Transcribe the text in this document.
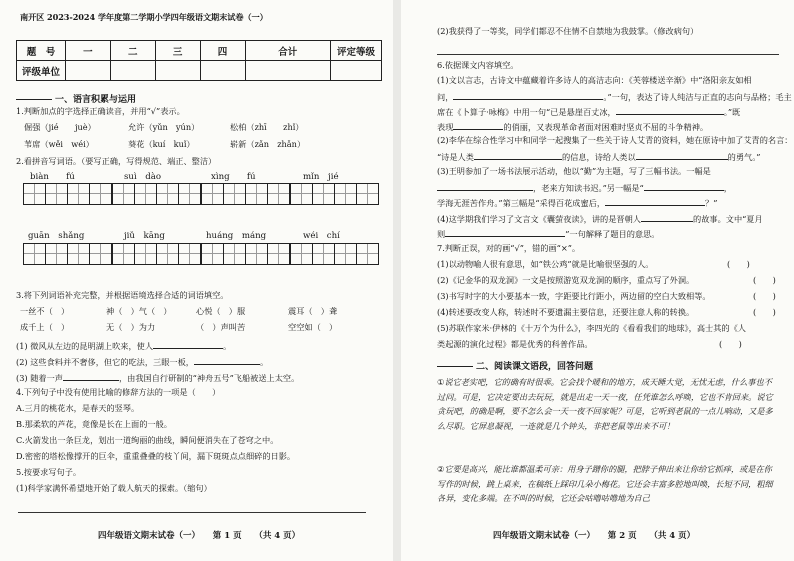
南开区 2023-2024 学年度第二学期小学四年级语文期末试卷（一）
题　号	一	二	三	四	合计	评定等级
评级单位						
一、语言积累与运用
1.判断加点的字选择正确读音，并用“√”表示。
倔强（jié　　juè）	允许（yǔn　yún）	松柏（zhī　　zhǐ）
苇席（wěi　wéi）	葵花（kuí　kuǐ）	崭新（zǎn　zhǎn）
2.看拼音写词语。（要写正确，写得规范、端正、整洁）
biàn　　fú	suì　dào	xìng　　fú	mǐn　jié
guān　shǎng	jiǔ　kāng	huáng　máng	wéi　chí
3.将下列词语补充完整，并根据语境选择合适的词语填空。
一丝不（　）	神（　）气（　）	心悦（　）服	震耳（　）聋
成千上（　）	无（　）为力	（　）声叫苦	空空如（　）
(1) 微风从左边的昆明湖上吹来，使人	。
(2) 这些食料并不奢侈，但它的吃法，三眼一板，	。
(3) 随着一声	，由我国自行研制的“神舟五号”飞船被送上太空。
4.下列句子中没有使用比喻的修辞方法的一项是（　　）
A.三月的桃花水，是春天的竖琴。
B.那柔软的芦花，竟像是长在上面的一般。
C.火箭发出一条巨龙，划出一道绚丽的曲线，瞬间便消失在了苍穹之中。
D.密密的塔松像撑开的巨伞，重重叠叠的枝丫间，漏下斑斑点点细碎的日影。
5.按要求写句子。
(1)科学家满怀希望地开始了载人航天的探索。（缩句）
四年级语文期末试卷（一）　　第 1 页　　（共 4 页）
(2)我获得了一等奖，同学们都忍不住情不自禁地为我鼓掌。（修改病句）
6.依据课文内容填空。
(1)文以言志，古诗文中蕴藏着许多诗人的高洁志向：《芙蓉楼送辛渐》中“洛阳亲友如相
问，	。”一句，表达了诗人纯洁与正直的志向与品格；毛主
席在《卜算子·咏梅》中用一句“已是悬崖百丈冰，	。”既
表现	的俏丽，又表现革命者面对困难时坚贞不屈的斗争精神。
(2)李华在综合性学习中和同学一起搜集了一些关于诗人艾青的资料，她在原诗中加了艾青的名言：
“诗是人类	的信息，诗给人类以	的勇气。”
(3)王明参加了一场书法展示活动，他以“勤”为主题，写了三幅书法。一幅是
，老来方知读书迟。”另一幅是“	，
学海无涯苦作舟。”第三幅是“采得百花成蜜后，	？”
(4)这学期我们学习了文言文《囊萤夜读》，讲的是晋朝人	的故事。文中“夏月
则	”一句解释了题目的意思。
7.判断正误，对的画“√”，错的画“×”。
(1)以动物喻人很有意思，如“铁公鸡”就是比喻很坚强的人。	(　　)
(2)《记金华的双龙洞》一文是按照游览双龙洞的顺序，重点写了外洞。	(　　)
(3)书写时字的大小要基本一致，字距要比行距小，两边留的空白大致相等。	(　　)
(4)转述要改变人称，转述时不要遗漏主要信息，还要注意人称的转换。	(　　)
(5)苏联作家米·伊林的《十万个为什么》，李四光的《看看我们的地球》，高士其的《人
类起源的演化过程》都是优秀的科普作品。	(　　)
二、阅读课文语段，回答问题
①说它老实吧，它的确有时很乖。它会找个暖和的地方，成天睡大觉，无忧无虑，什么事也不过问。可是，它决定要出去玩玩，就是出走一天一夜，任凭谁怎么呼唤，它也不肯回来。说它贪玩吧，的确是啊，要不怎么会一天一夜不回家呢？可是，它听到老鼠的一点儿响动，又是多么尽职。它屏息凝视，一连就是几个钟头，非把老鼠等出来不可！
②它要是高兴，能比谁都温柔可亲：用身子蹭你的腿，把脖子伸出来让你给它抓痒，或是在你写作的时候，跳上桌来，在稿纸上踩印几朵小梅花。它还会丰富多腔地叫唤，长短不同，粗细各异，变化多端。在不叫的时候，它还会咕噜咕噜地为自己
四年级语文期末试卷（一）　　第 2 页　　（共 4 页）
